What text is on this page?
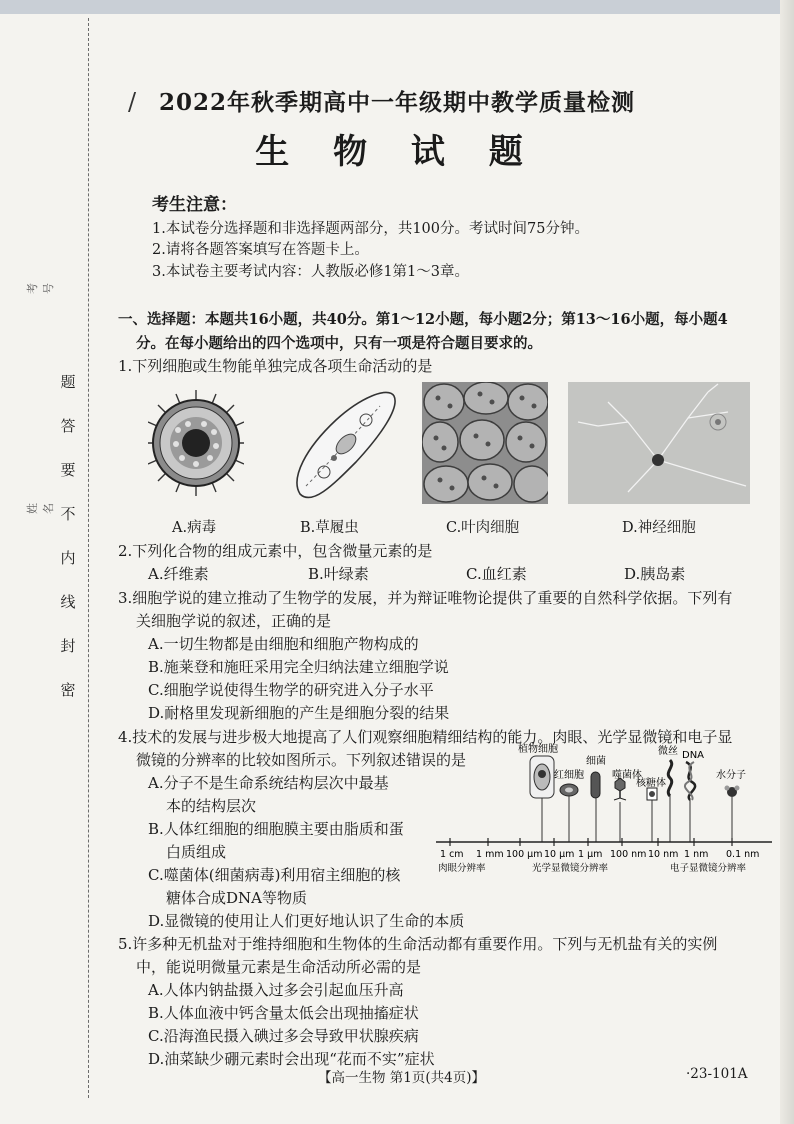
题
答
要
不
内
线
封
密
考号
姓名
/ 2022年秋季期高中一年级期中教学质量检测
生 物 试 题
考生注意：
1.本试卷分选择题和非选择题两部分，共100分。考试时间75分钟。
2.请将各题答案填写在答题卡上。
3.本试卷主要考试内容：人教版必修1第1～3章。
一、选择题：本题共16小题，共40分。第1～12小题，每小题2分；第13～16小题，每小题4
分。在每小题给出的四个选项中，只有一项是符合题目要求的。
1.下列细胞或生物能单独完成各项生命活动的是
A.病毒	B.草履虫	C.叶肉细胞	D.神经细胞
2.下列化合物的组成元素中，包含微量元素的是
A.纤维素	B.叶绿素	C.血红素	D.胰岛素
3.细胞学说的建立推动了生物学的发展，并为辩证唯物论提供了重要的自然科学依据。下列有
关细胞学说的叙述，正确的是
A.一切生物都是由细胞和细胞产物构成的
B.施莱登和施旺采用完全归纳法建立细胞学说
C.细胞学说使得生物学的研究进入分子水平
D.耐格里发现新细胞的产生是细胞分裂的结果
4.技术的发展与进步极大地提高了人们观察细胞精细结构的能力。肉眼、光学显微镜和电子显
微镜的分辨率的比较如图所示。下列叙述错误的是
A.分子不是生命系统结构层次中最基
本的结构层次
B.人体红细胞的细胞膜主要由脂质和蛋
白质组成
C.噬菌体(细菌病毒)利用宿主细胞的核
糖体合成DNA等物质
D.显微镜的使用让人们更好地认识了生命的本质
植物细胞
红细胞
细菌
噬菌体
核糖体
微丝 DNA
水分子
1 cm 1 mm 100 μm 10 μm 1 μm 100 nm 10 nm 1 nm 0.1 nm
肉眼分辨率	光学显微镜分辨率	电子显微镜分辨率
5.许多种无机盐对于维持细胞和生物体的生命活动都有重要作用。下列与无机盐有关的实例
中，能说明微量元素是生命活动所必需的是
A.人体内钠盐摄入过多会引起血压升高
B.人体血液中钙含量太低会出现抽搐症状
C.沿海渔民摄入碘过多会导致甲状腺疾病
D.油菜缺少硼元素时会出现“花而不实”症状
【高一生物 第1页(共4页)】	·23-101A
